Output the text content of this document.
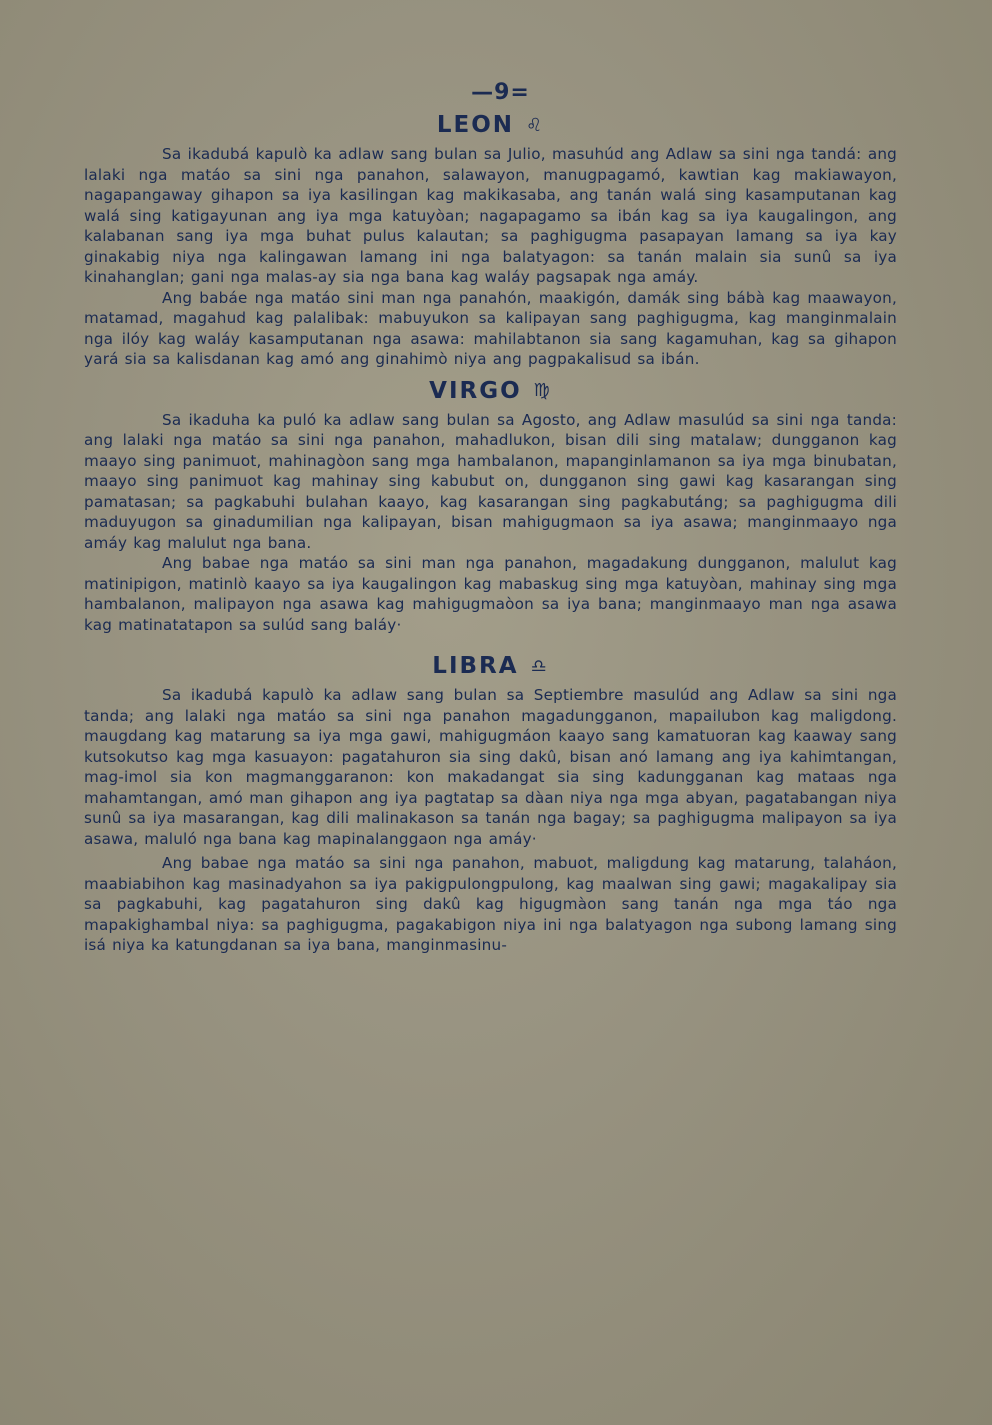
—9=
LEON ♌

Sa ikadubá kapulò ka adlaw sang bulan sa Julio, masuhúd ang Adlaw sa sini nga tandá: ang lalaki nga matáo sa sini nga panahon, salawayon, manugpagamó, kawtian kag makiawayon, nagapangaway gihapon sa iya kasilingan kag makikasaba, ang tanán walá sing kasamputanan kag walá sing katigayunan ang iya mga katuyòan; nagapagamo sa ibán kag sa iya kaugalingon, ang kalabanan sang iya mga buhat pulus kalautan; sa paghigugma pasapayan lamang sa iya kay ginakabig niya nga kalingawan lamang ini nga balatyagon: sa tanán malain sia sunû sa iya kinahanglan; gani nga malas-ay sia nga bana kag waláy pagsapak nga amáy.

Ang babáe nga matáo sini man nga panahón, maakigón, damák sing bábà kag maawayon, matamad, magahud kag palalibak: mabuyukon sa kalipayan sang paghigugma, kag manginmalain nga ilóy kag waláy kasamputanan nga asawa: mahilabtanon sia sang kagamuhan, kag sa gihapon yará sia sa kalisdanan kag amó ang ginahimò niya ang pagpakalisud sa ibán.

VIRGO ♍

Sa ikaduha ka puló ka adlaw sang bulan sa Agosto, ang Adlaw masulúd sa sini nga tanda: ang lalaki nga matáo sa sini nga panahon, mahadlukon, bisan dili sing matalaw; dungganon kag maayo sing panimuot, mahinagòon sang mga hambalanon, mapanginlamanon sa iya mga binubatan, maayo sing panimuot kag mahinay sing kabubut on, dungganon sing gawi kag kasarangan sing pamatasan; sa pagkabuhi bulahan kaayo, kag kasarangan sing pagkabutáng; sa paghigugma dili maduyugon sa ginadumilian nga kalipayan, bisan mahigugmaon sa iya asawa; manginmaayo nga amáy kag malulut nga bana.

Ang babae nga matáo sa sini man nga panahon, magadakung dungganon, malulut kag matinipigon, matinlò kaayo sa iya kaugalingon kag mabaskug sing mga katuyòan, mahinay sing mga hambalanon, malipayon nga asawa kag mahigugmaòon sa iya bana; manginmaayo man nga asawa kag matinatatapon sa sulúd sang baláy·

LIBRA ♎

Sa ikadubá kapulò ka adlaw sang bulan sa Septiembre masulúd ang Adlaw sa sini nga tanda; ang lalaki nga matáo sa sini nga panahon magadungganon, mapailubon kag maligdong. maugdang kag matarung sa iya mga gawi, mahigugmáon kaayo sang kamatuoran kag kaaway sang kutsokutso kag mga kasuayon: pagatahuron sia sing dakû, bisan anó lamang ang iya kahimtangan, mag-imol sia kon magmanggaranon: kon makadangat sia sing kadungganan kag mataas nga mahamtangan, amó man gihapon ang iya pagtatap sa dàan niya nga mga abyan, pagatabangan niya sunû sa iya masarangan, kag dili malinakason sa tanán nga bagay; sa paghigugma malipayon sa iya asawa, maluló nga bana kag mapinalanggaon nga amáy·

Ang babae nga matáo sa sini nga panahon, mabuot, maligdung kag matarung, talaháon, maabiabihon kag masinadyahon sa iya pakigpulongpulong, kag maalwan sing gawi; magakalipay sia sa pagkabuhi, kag pagatahuron sing dakû kag higugmàon sang tanán nga mga táo nga mapakighambal niya: sa paghigugma, pagakabigon niya ini nga balatyagon nga subong lamang sing isá niya ka katungdanan sa iya bana, manginmasinu-
